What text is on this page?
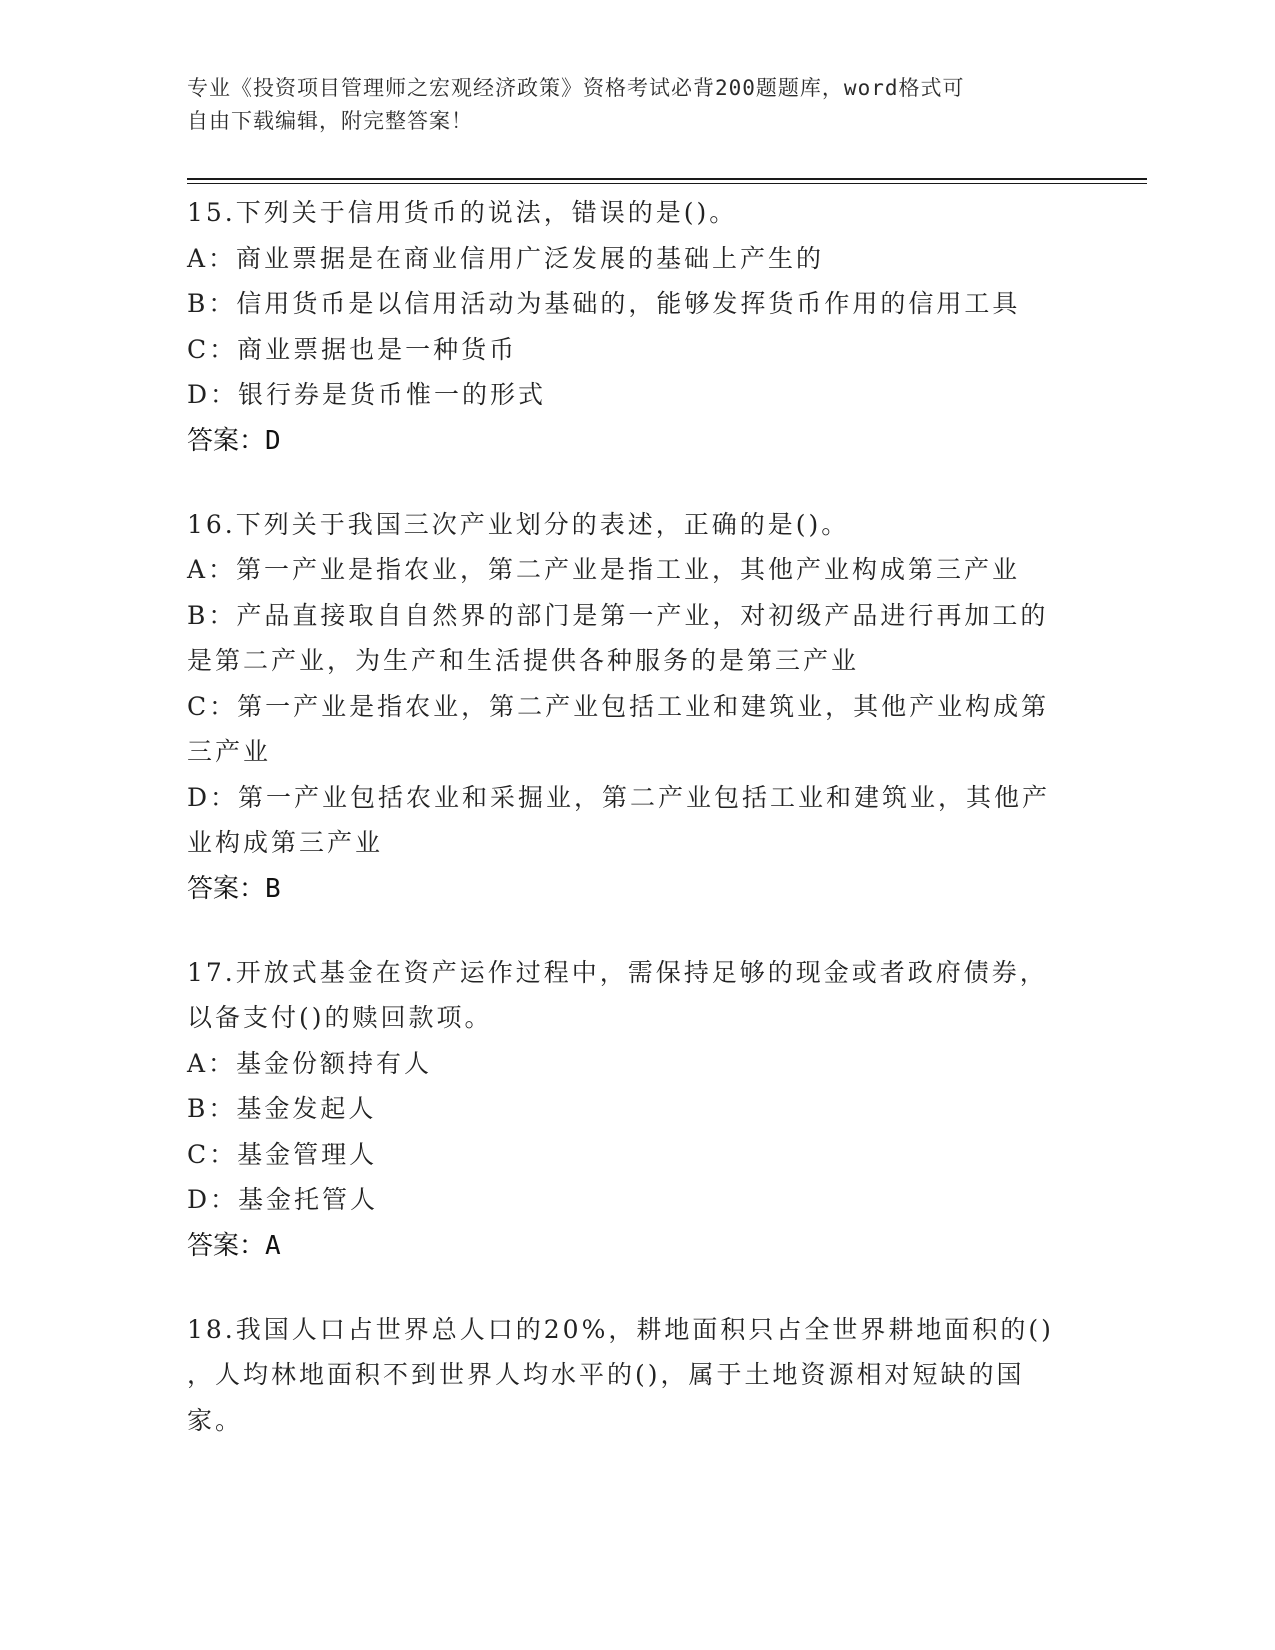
专业《投资项目管理师之宏观经济政策》资格考试必背200题题库，word格式可
自由下载编辑，附完整答案！
15.下列关于信用货币的说法，错误的是()。
A：商业票据是在商业信用广泛发展的基础上产生的
B：信用货币是以信用活动为基础的，能够发挥货币作用的信用工具
C：商业票据也是一种货币
D：银行券是货币惟一的形式
答案：D
16.下列关于我国三次产业划分的表述，正确的是()。
A：第一产业是指农业，第二产业是指工业，其他产业构成第三产业
B：产品直接取自自然界的部门是第一产业，对初级产品进行再加工的
是第二产业，为生产和生活提供各种服务的是第三产业
C：第一产业是指农业，第二产业包括工业和建筑业，其他产业构成第
三产业
D：第一产业包括农业和采掘业，第二产业包括工业和建筑业，其他产
业构成第三产业
答案：B
17.开放式基金在资产运作过程中，需保持足够的现金或者政府债券，
以备支付()的赎回款项。
A：基金份额持有人
B：基金发起人
C：基金管理人
D：基金托管人
答案：A
18.我国人口占世界总人口的20%，耕地面积只占全世界耕地面积的()
，人均林地面积不到世界人均水平的()，属于土地资源相对短缺的国
家。
